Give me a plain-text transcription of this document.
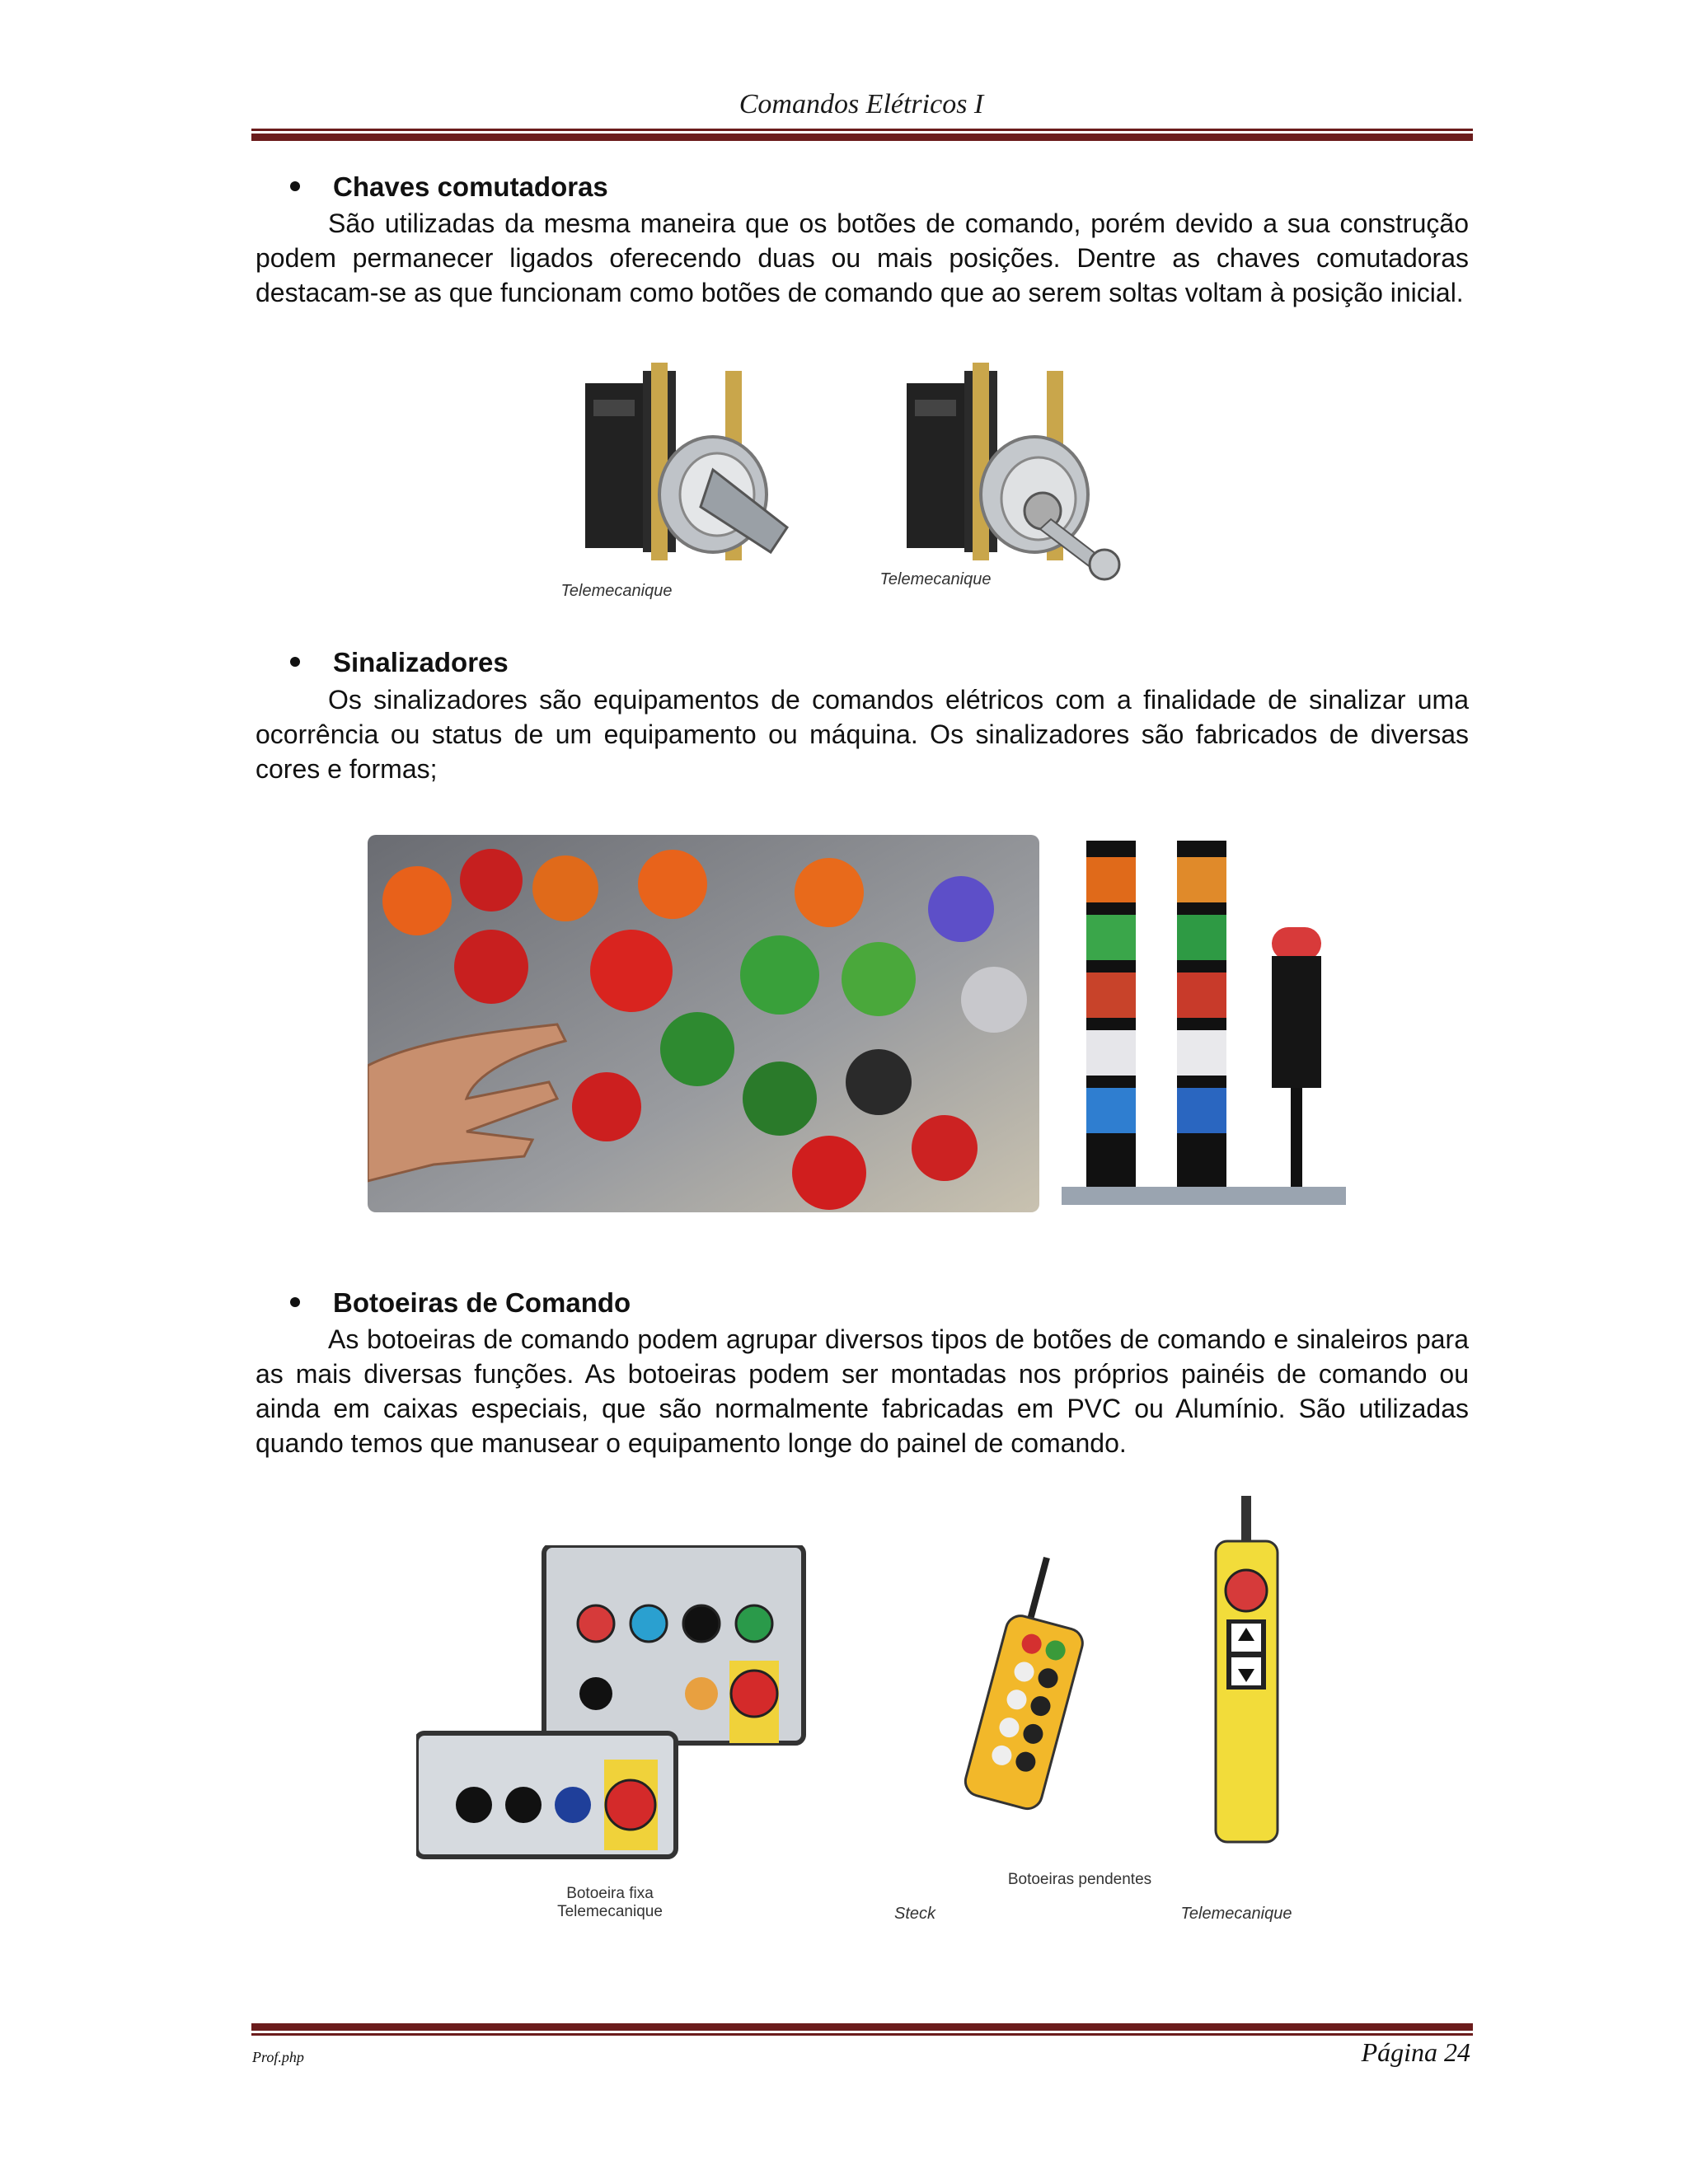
Comandos Elétricos I
Chaves comutadoras
São utilizadas da mesma maneira que os botões de comando, porém devido a sua construção podem permanecer ligados oferecendo duas ou mais posições. Dentre as chaves comutadoras destacam-se as que funcionam como botões de comando que ao serem soltas voltam à posição inicial.
Telemecanique
Telemecanique
Sinalizadores
Os sinalizadores são equipamentos de comandos elétricos com a finalidade de sinalizar uma ocorrência ou status de um equipamento ou máquina. Os sinalizadores são fabricados de diversas cores e formas;
Botoeiras de Comando
As botoeiras de comando podem agrupar diversos tipos de botões de comando e sinaleiros para as mais diversas funções. As botoeiras podem ser montadas nos próprios painéis de comando ou ainda em caixas especiais, que são normalmente fabricadas em PVC ou Alumínio. São utilizadas quando temos que manusear o equipamento longe do painel de comando.
Botoeira fixa
Telemecanique
Botoeiras pendentes
Steck	Telemecanique
Prof.php	Página 24
